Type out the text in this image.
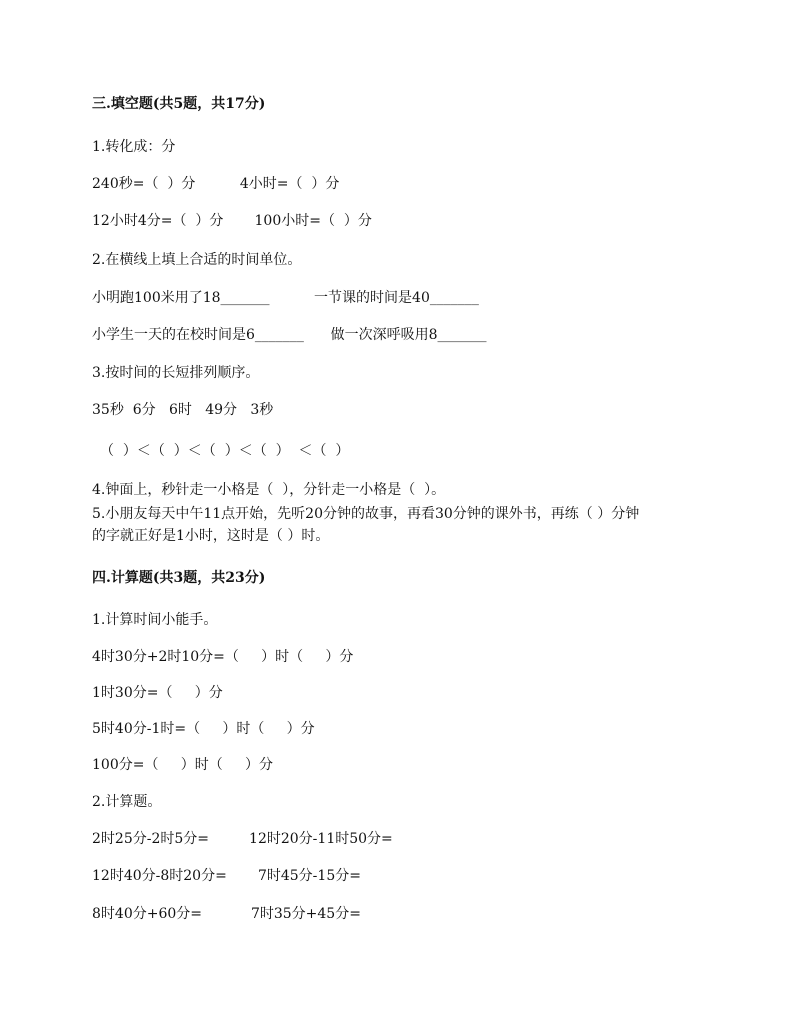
三.填空题(共5题，共17分)
1.转化成：分
240秒=（  ）分          4小时=（  ）分
12小时4分=（  ）分       100小时=（  ）分
2.在横线上填上合适的时间单位。
小明跑100米用了18_______          一节课的时间是40_______
小学生一天的在校时间是6_______      做一次深呼吸用8_______
3.按时间的长短排列顺序。
35秒  6分   6时   49分   3秒
（  ）＜（  ）＜（  ）＜（  ）  ＜（  ）
4.钟面上，秒针走一小格是（  ），分针走一小格是（  ）。
5.小朋友每天中午11点开始，先听20分钟的故事，再看30分钟的课外书，再练（ ）分钟的字就正好是1小时，这时是（ ）时。
四.计算题(共3题，共23分)
1.计算时间小能手。
4时30分+2时10分=（     ）时（     ）分
1时30分=（     ）分
5时40分-1时=（     ）时（     ）分
100分=（     ）时（     ）分
2.计算题。
2时25分-2时5分=         12时20分-11时50分=
12时40分-8时20分=       7时45分-15分=
8时40分+60分=           7时35分+45分=
